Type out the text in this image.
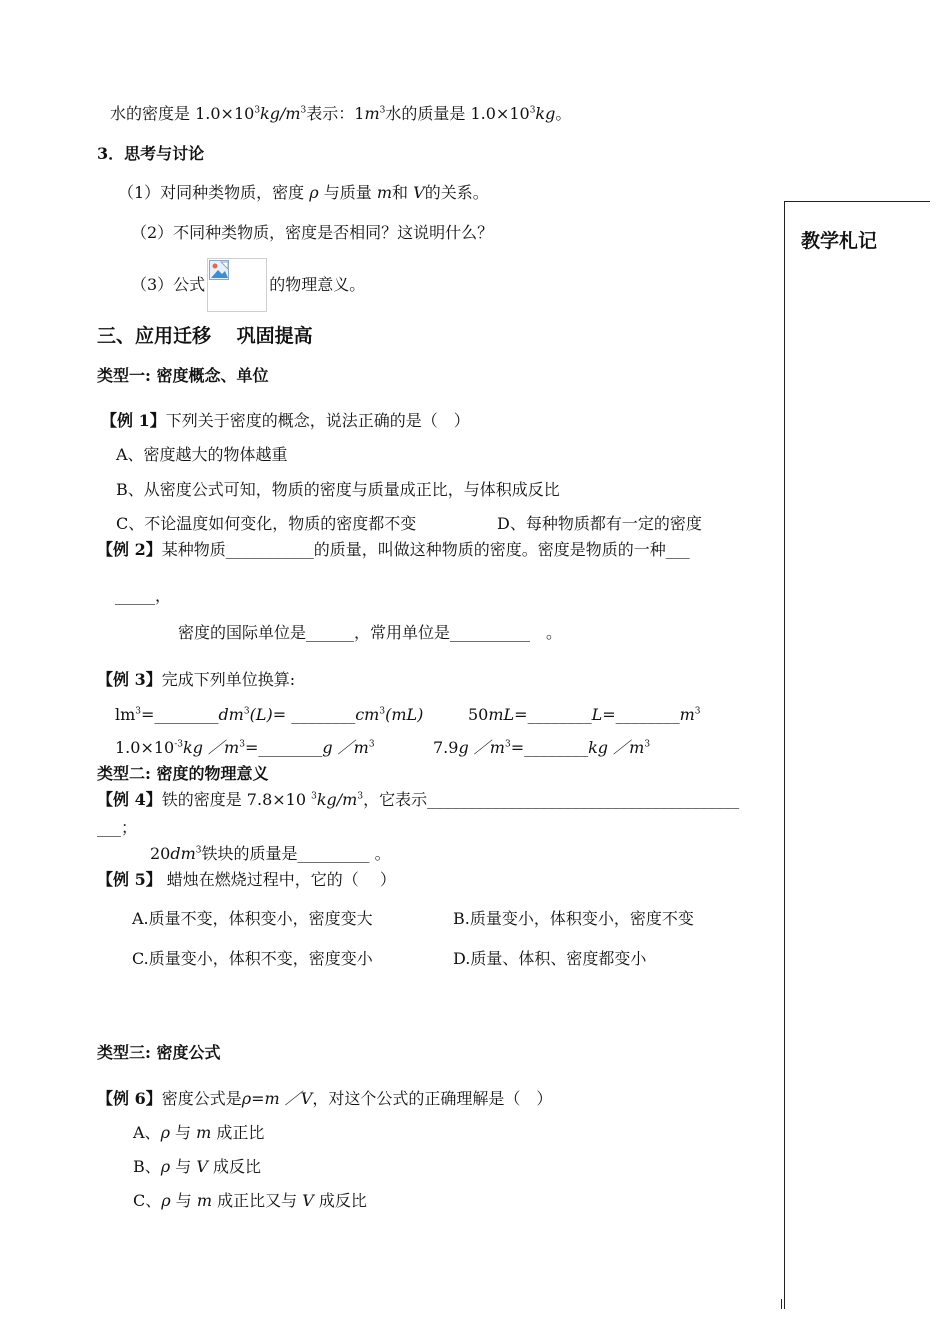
水的密度是 $1.0\times 10^3kg/m^3$表示：$1m^3$水的质量是 $1.0\times 10^3kg$。
3．思考与讨论
（1）对同种类物质，密度 ρ 与质量 m和 V的关系。
（2）不同种类物质，密度是否相同？这说明什么？
（3）公式	的物理意义。
三、应用迁移　 巩固提高
类型一: 密度概念、单位
【例 1】下列关于密度的概念，说法正确的是（　）
A、密度越大的物体越重
B、从密度公式可知，物质的密度与质量成正比，与体积成反比
C、不论温度如何变化，物质的密度都不变	D、每种物质都有一定的密度
【例 2】某种物质___________的质量，叫做这种物质的密度。密度是物质的一种___
_____，
密度的国际单位是______，常用单位是__________　。
【例 3】完成下列单位换算:
$lm^3=\_\_\_\_\_\_\_\_dm^3(L)=$ $\_\_\_\_\_\_\_\_cm^3(mL)$	$50mL=\_\_\_\_\_\_\_\_L=\_\_\_\_\_\_\_\_m^3$
$1.0\times 10^{-3}kg$ $/m^3=\_\_\_\_\_\_\_\_g$ $/m^3$	7.9g $/m^3=\_\_\_\_\_\_\_\_kg$ $/m^3$
类型二: 密度的物理意义
【例 4】铁的密度是 7.8×10 $^3kg/m^3$，它表示_______________________________________
___；
$20dm^3$铁块的质量是_________ 。
【例 5】 蜡烛在燃烧过程中，它的（　 ）
A.质量不变，体积变小，密度变大	B.质量变小，体积变小，密度不变
C.质量变小，体积不变，密度变小	D.质量、体积、密度都变小
类型三: 密度公式
【例 6】密度公式是ρ=m ／V，对这个公式的正确理解是（　）
A、ρ 与 m 成正比
B、ρ 与 V 成反比
C、ρ 与 m 成正比又与 V 成反比
教学札记
